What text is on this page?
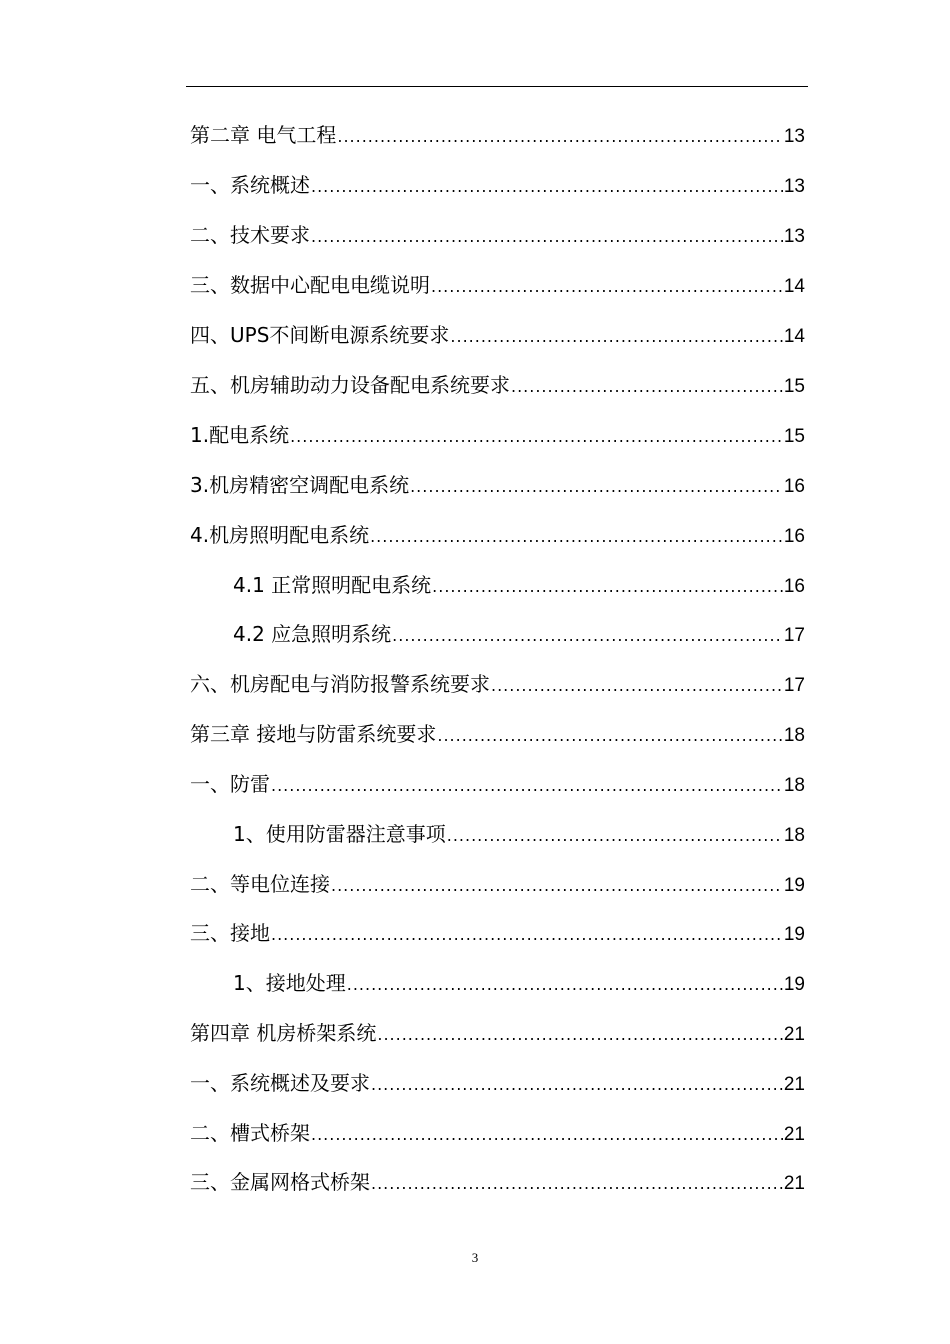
第二章 电气工程 .....	13
一、系统概述 .....	13
二、技术要求 .....	13
三、数据中心配电电缆说明 .....	14
四、UPS不间断电源系统要求 .....	14
五、机房辅助动力设备配电系统要求 .....	15
1.配电系统 .....	15
3.机房精密空调配电系统 .....	16
4.机房照明配电系统 .....	16
4.1 正常照明配电系统 .....	16
4.2 应急照明系统 .....	17
六、机房配电与消防报警系统要求 .....	17
第三章 接地与防雷系统要求 .....	18
一、防雷 .....	18
1、使用防雷器注意事项 .....	18
二、等电位连接 .....	19
三、接地 .....	19
1、接地处理 .....	19
第四章 机房桥架系统 .....	21
一、系统概述及要求 .....	21
二、槽式桥架 .....	21
三、金属网格式桥架 .....	21
3
